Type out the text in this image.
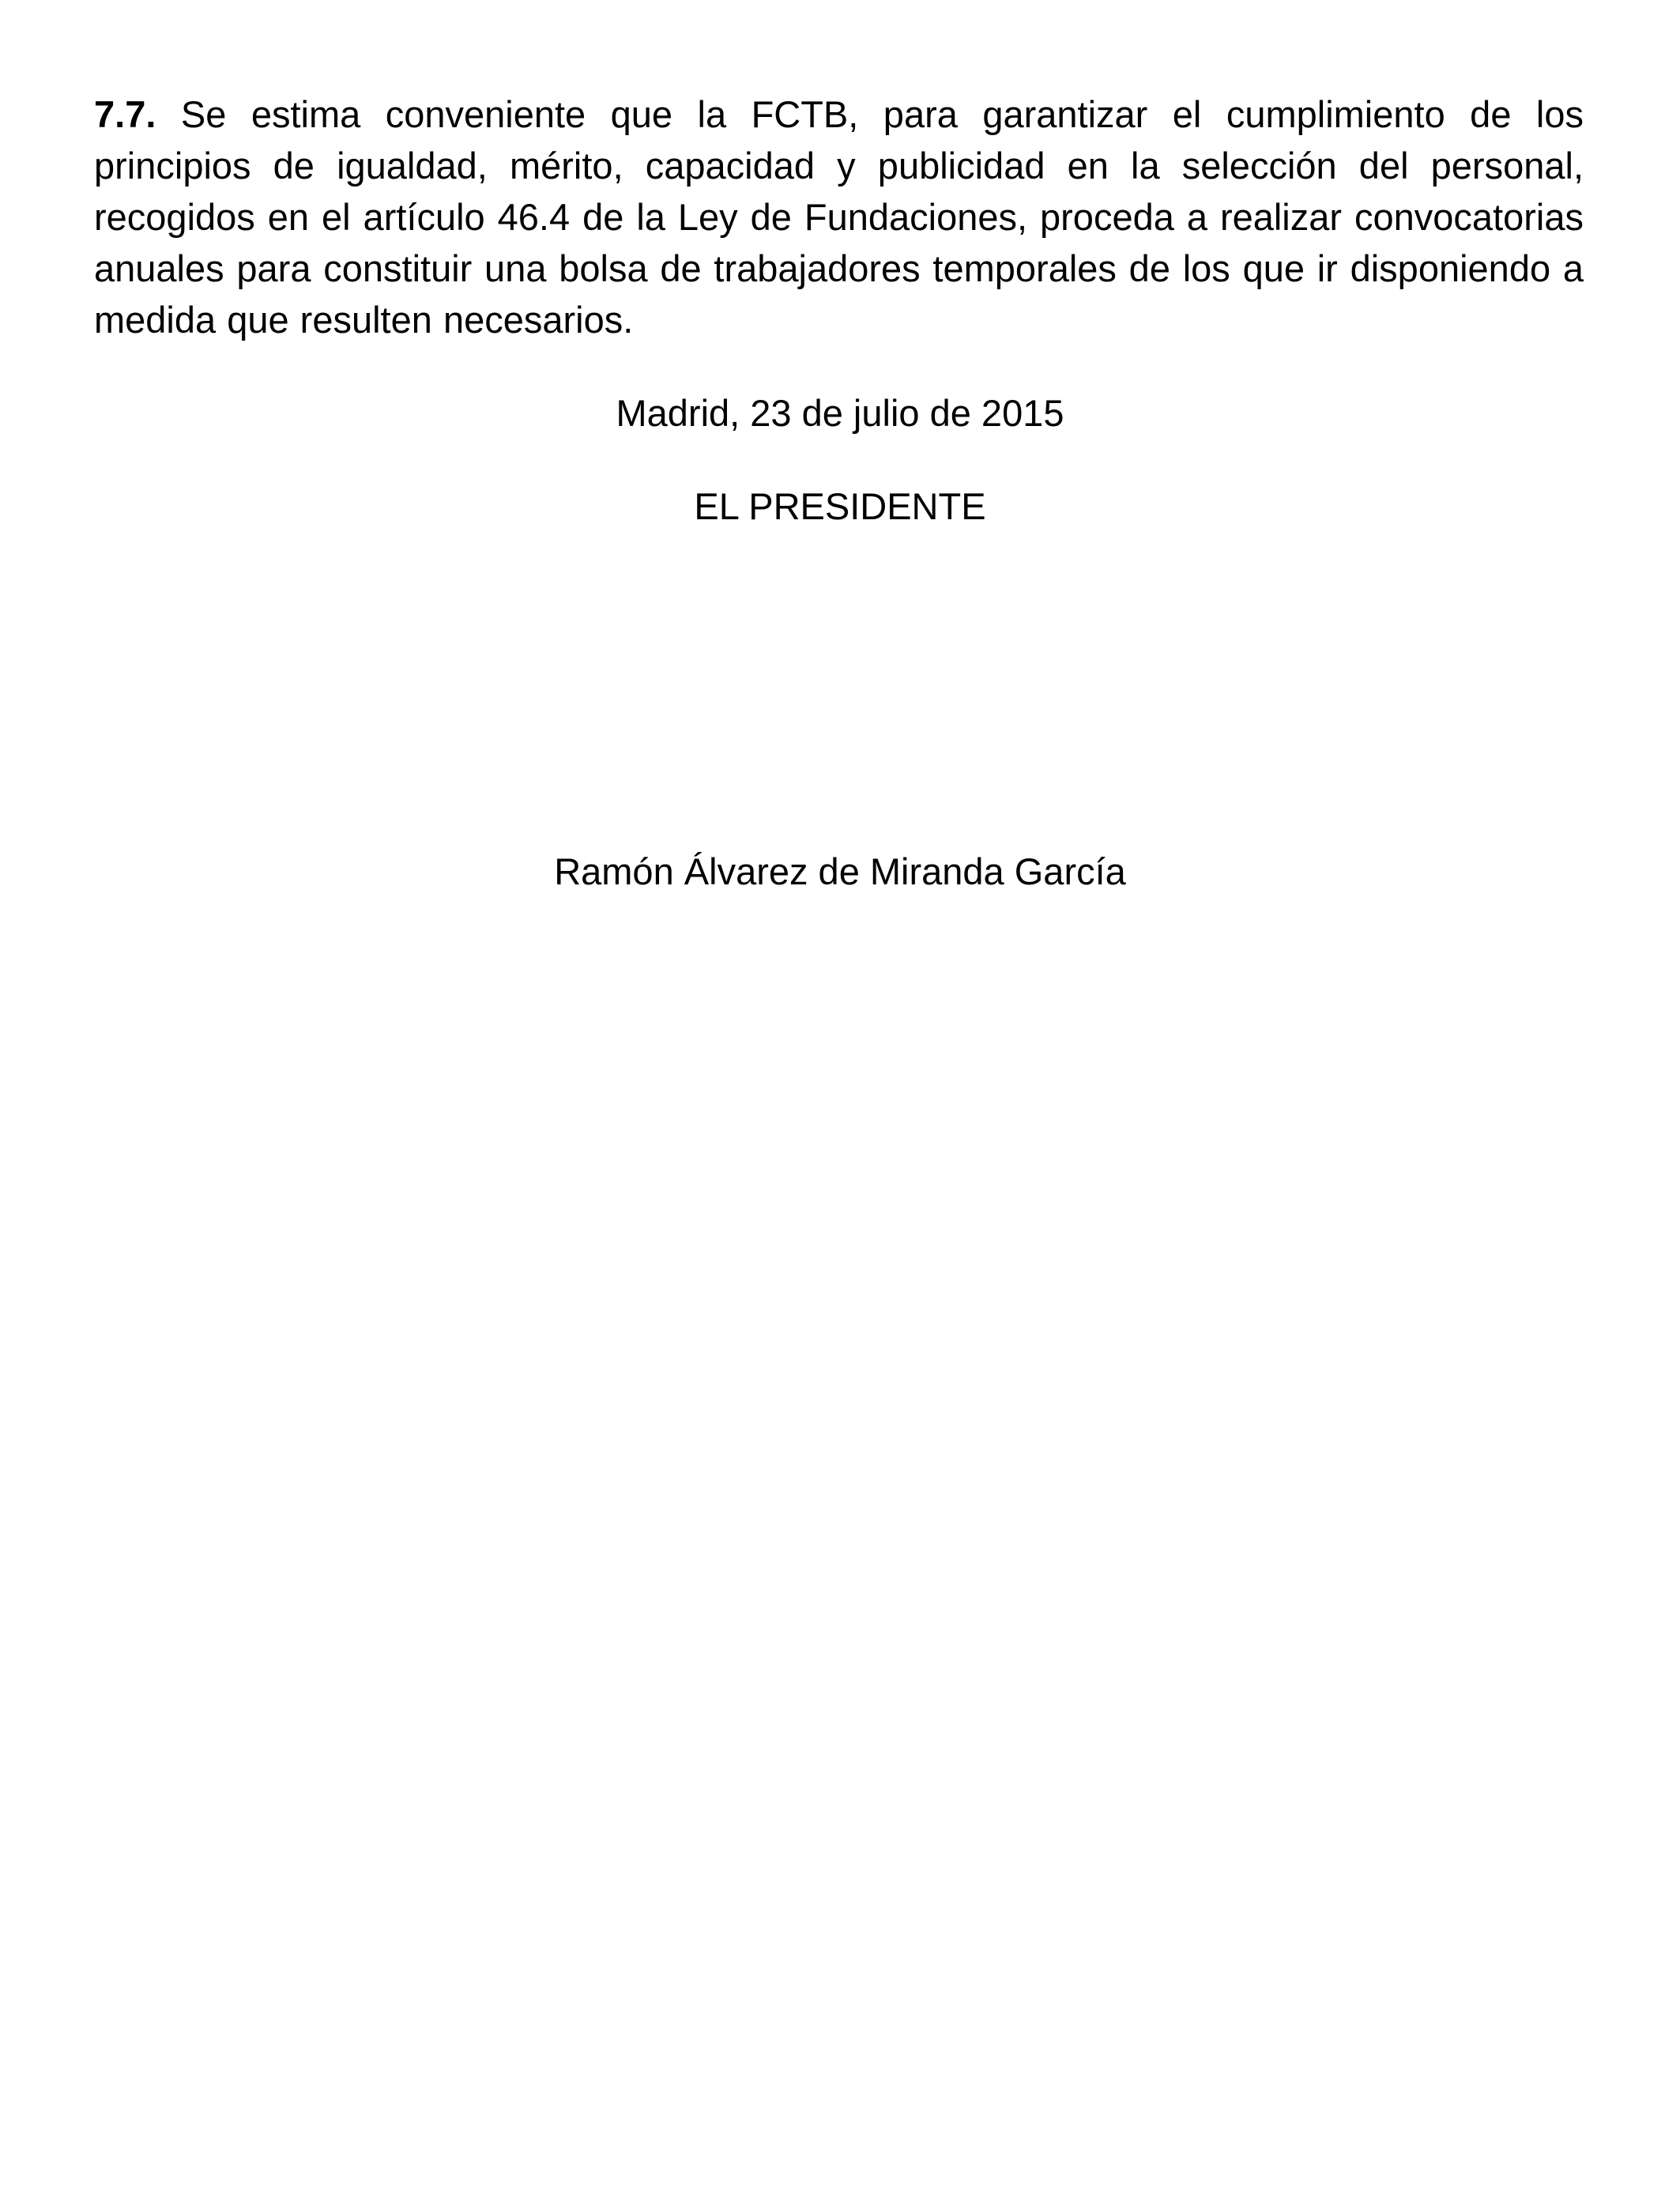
7.7. Se estima conveniente que la FCTB, para garantizar el cumplimiento de los principios de igualdad, mérito, capacidad y publicidad en la selección del personal, recogidos en el artículo 46.4 de la Ley de Fundaciones, proceda a realizar convocatorias anuales para constituir una bolsa de trabajadores temporales de los que ir disponiendo a medida que resulten necesarios.

Madrid, 23 de julio de 2015

EL PRESIDENTE

Ramón Álvarez de Miranda García
